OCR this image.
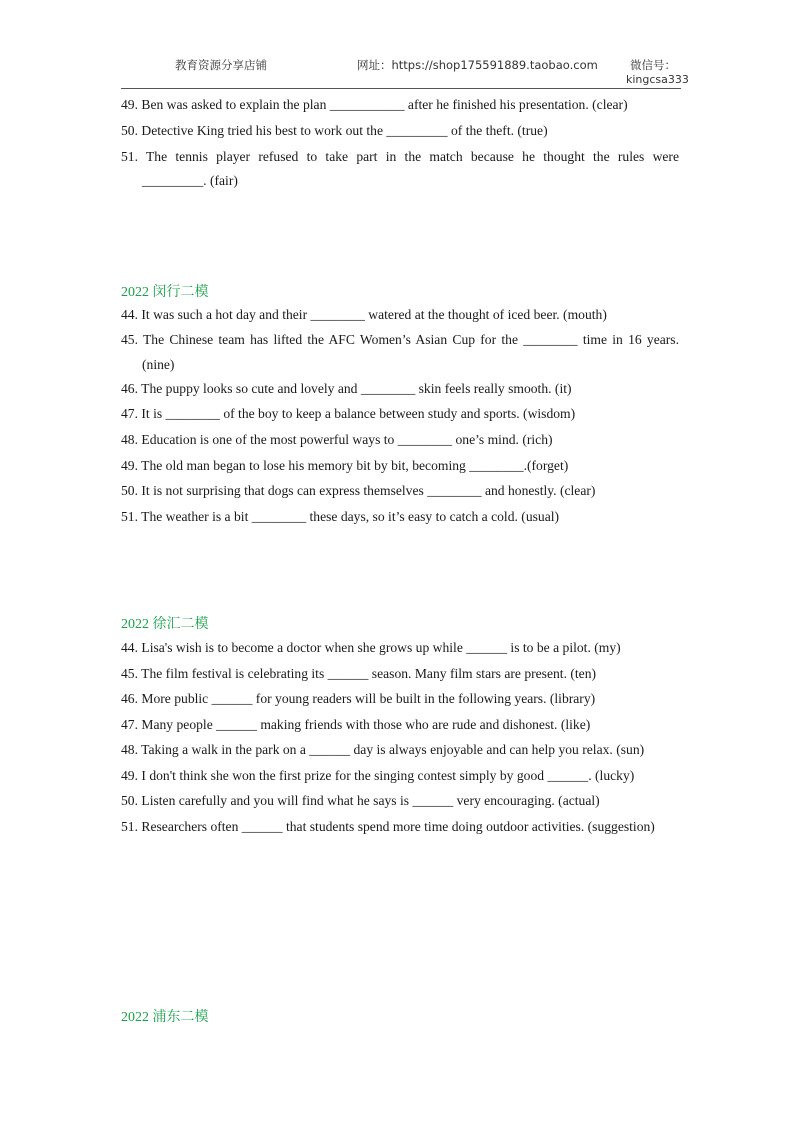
教育资源分享店铺	网址：https://shop175591889.taobao.com	微信号：
kingcsa333
49. Ben was asked to explain the plan ___________ after he finished his presentation. (clear)
50. Detective King tried his best to work out the _________ of the theft. (true)
51. The tennis player refused to take part in the match because he thought the rules were
_________. (fair)
2022 闵行二模
44. It was such a hot day and their ________ watered at the thought of iced beer. (mouth)
45. The Chinese team has lifted the AFC Women’s Asian Cup for the ________ time in 16 years.
(nine)
46. The puppy looks so cute and lovely and ________ skin feels really smooth. (it)
47. It is ________ of the boy to keep a balance between study and sports. (wisdom)
48. Education is one of the most powerful ways to ________ one’s mind. (rich)
49. The old man began to lose his memory bit by bit, becoming ________.(forget)
50. It is not surprising that dogs can express themselves ________ and honestly. (clear)
51. The weather is a bit ________ these days, so it’s easy to catch a cold. (usual)
2022 徐汇二模
44. Lisa's wish is to become a doctor when she grows up while ______ is to be a pilot. (my)
45. The film festival is celebrating its ______ season. Many film stars are present. (ten)
46. More public ______ for young readers will be built in the following years. (library)
47. Many people ______ making friends with those who are rude and dishonest. (like)
48. Taking a walk in the park on a ______ day is always enjoyable and can help you relax. (sun)
49. I don't think she won the first prize for the singing contest simply by good ______. (lucky)
50. Listen carefully and you will find what he says is ______ very encouraging. (actual)
51. Researchers often ______ that students spend more time doing outdoor activities. (suggestion)
2022 浦东二模
